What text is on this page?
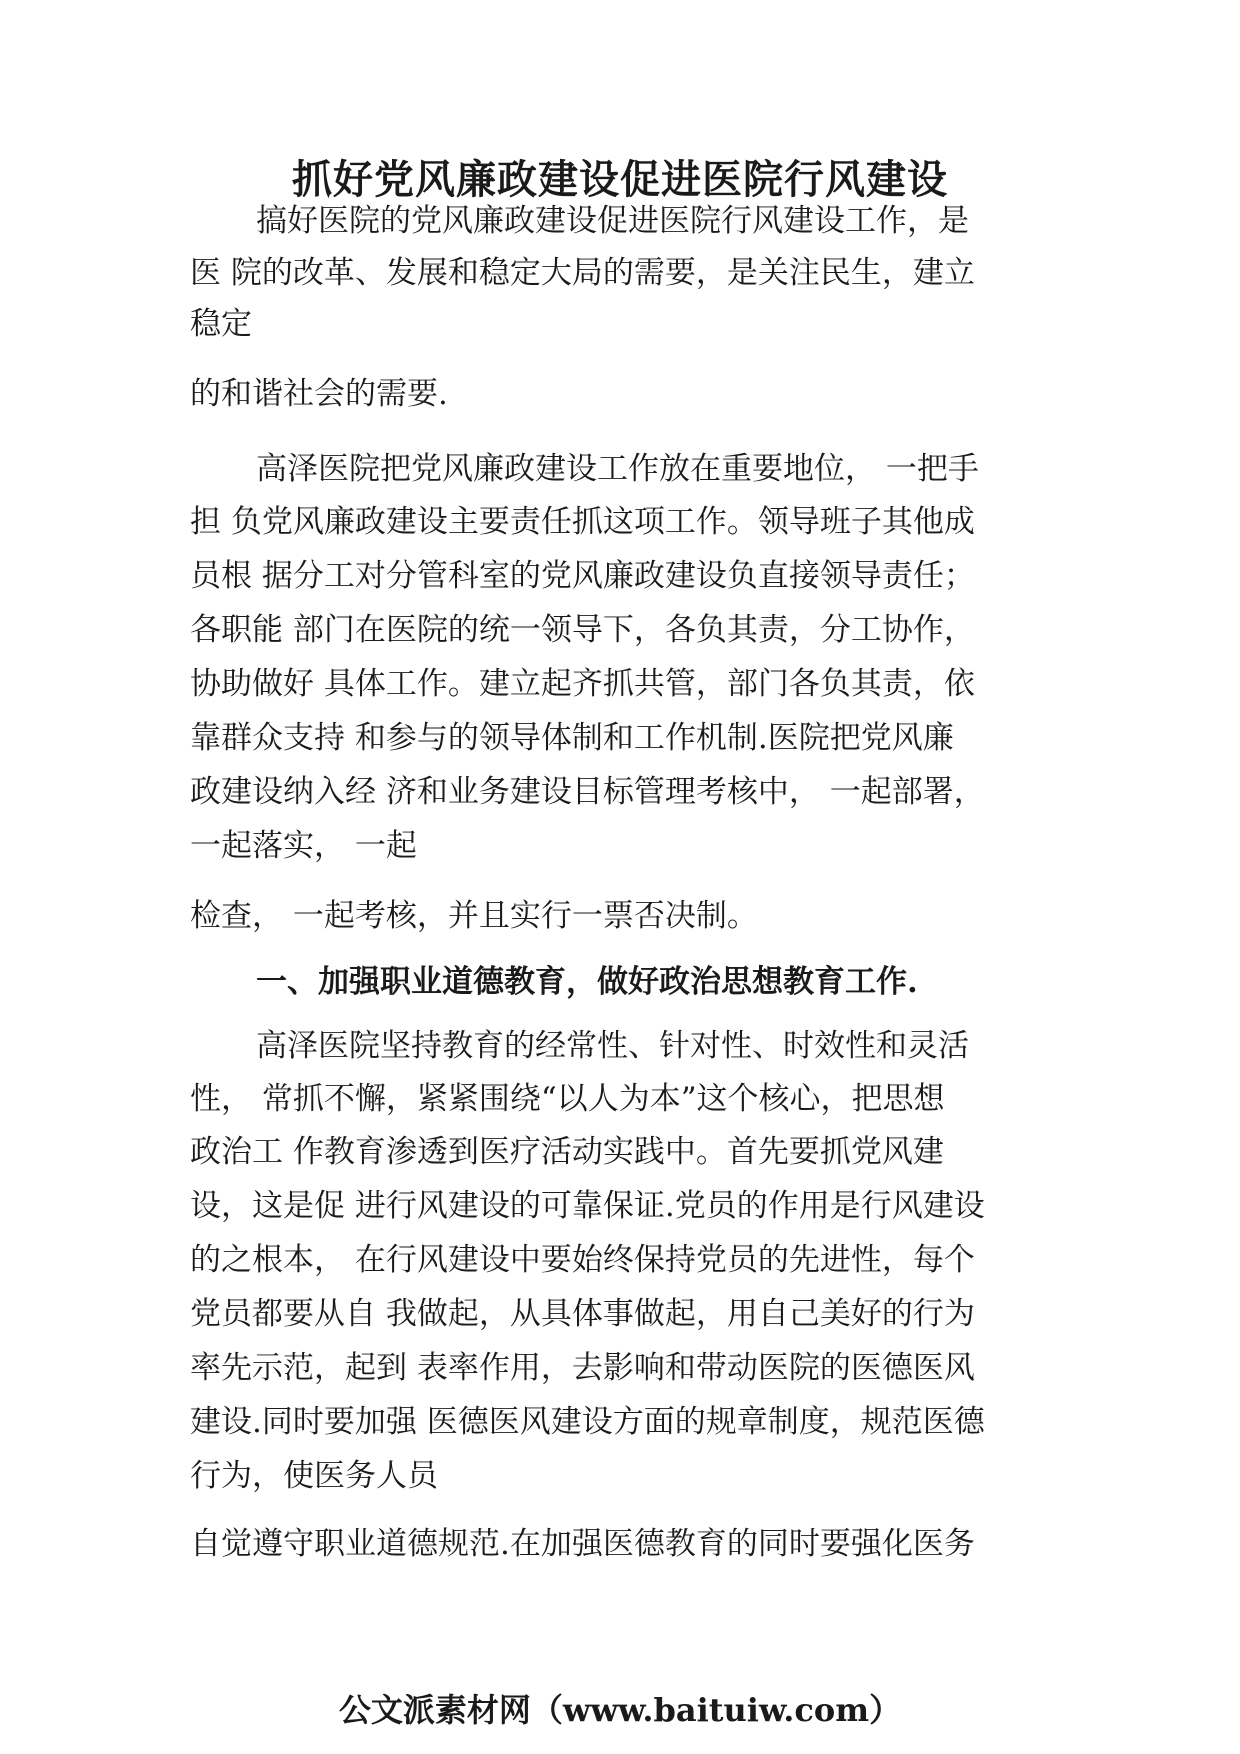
抓好党风廉政建设促进医院行风建设

搞好医院的党风廉政建设促进医院行风建设工作，是

医 院的改革、发展和稳定大局的需要，是关注民生，建立

稳定

的和谐社会的需要.

高泽医院把党风廉政建设工作放在重要地位， 一把手

担 负党风廉政建设主要责任抓这项工作。领导班子其他成

员根 据分工对分管科室的党风廉政建设负直接领导责任；

各职能 部门在医院的统一领导下，各负其责，分工协作，

协助做好 具体工作。建立起齐抓共管，部门各负其责，依

靠群众支持 和参与的领导体制和工作机制.医院把党风廉

政建设纳入经 济和业务建设目标管理考核中， 一起部署，

一起落实， 一起

检查， 一起考核，并且实行一票否决制。

一、加强职业道德教育，做好政治思想教育工作.

高泽医院坚持教育的经常性、针对性、时效性和灵活

性， 常抓不懈，紧紧围绕“以人为本”这个核心，把思想

政治工 作教育渗透到医疗活动实践中。首先要抓党风建

设，这是促 进行风建设的可靠保证.党员的作用是行风建设

的之根本， 在行风建设中要始终保持党员的先进性，每个

党员都要从自 我做起，从具体事做起，用自己美好的行为

率先示范，起到 表率作用，去影响和带动医院的医德医风

建设.同时要加强 医德医风建设方面的规章制度，规范医德

行为，使医务人员

自觉遵守职业道德规范.在加强医德教育的同时要强化医务

公文派素材网（www.baituiw.com）
